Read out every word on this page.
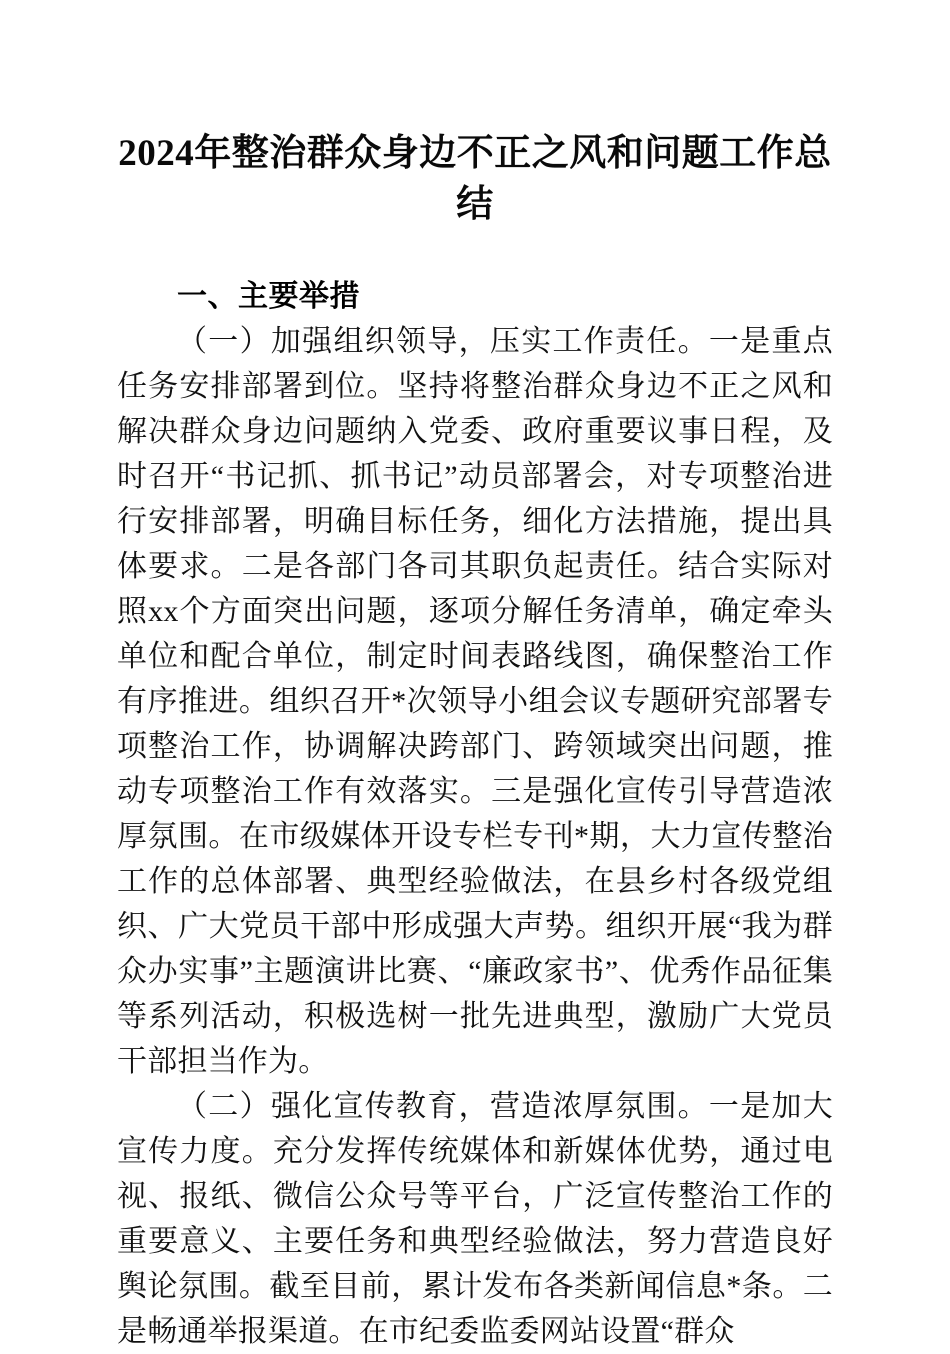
2024年整治群众身边不正之风和问题工作总结
一、主要举措

（一）加强组织领导，压实工作责任。一是重点任务安排部署到位。坚持将整治群众身边不正之风和解决群众身边问题纳入党委、政府重要议事日程，及时召开“书记抓、抓书记”动员部署会，对专项整治进行安排部署，明确目标任务，细化方法措施，提出具体要求。二是各部门各司其职负起责任。结合实际对照xx个方面突出问题，逐项分解任务清单，确定牵头单位和配合单位，制定时间表路线图，确保整治工作有序推进。组织召开*次领导小组会议专题研究部署专项整治工作，协调解决跨部门、跨领域突出问题，推动专项整治工作有效落实。三是强化宣传引导营造浓厚氛围。在市级媒体开设专栏专刊*期，大力宣传整治工作的总体部署、典型经验做法，在县乡村各级党组织、广大党员干部中形成强大声势。组织开展“我为群众办实事”主题演讲比赛、“廉政家书”、优秀作品征集等系列活动，积极选树一批先进典型，激励广大党员干部担当作为。

（二）强化宣传教育，营造浓厚氛围。一是加大宣传力度。充分发挥传统媒体和新媒体优势，通过电视、报纸、微信公众号等平台，广泛宣传整治工作的重要意义、主要任务和典型经验做法，努力营造良好舆论氛围。截至目前，累计发布各类新闻信息*条。二是畅通举报渠道。在市纪委监委网站设置“群众
